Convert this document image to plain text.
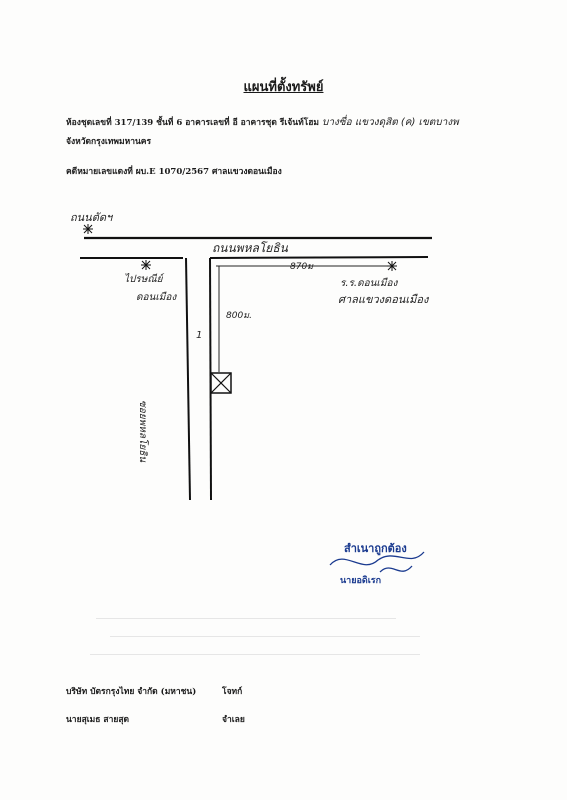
แผนที่ตั้งทรัพย์
ห้องชุดเลขที่ 317/139 ชั้นที่ 6 อาคารเลขที่ อี อาคารชุด รีเจ้นท์โฮม บางซื่อ แขวงดุสิต (ค) เขตบางพ
จังหวัดกรุงเทพมหานคร
คดีหมายเลขแดงที่ ผบ.E 1070/2567 ศาลแขวงดอนเมือง
ถนนตัดฯ
ถนนพหลโยธิน
870ม
ร.ร.ดอนเมือง
ศาลแขวงดอนเมือง
ไปรษณีย์
ดอนเมือง
800ม.
1
ซอยพหลโยธิน
สำเนาถูกต้อง
นายอดิเรก
บริษัท บัตรกรุงไทย จำกัด (มหาชน)	โจทก์
นายสุเมธ สายสุด	จำเลย
